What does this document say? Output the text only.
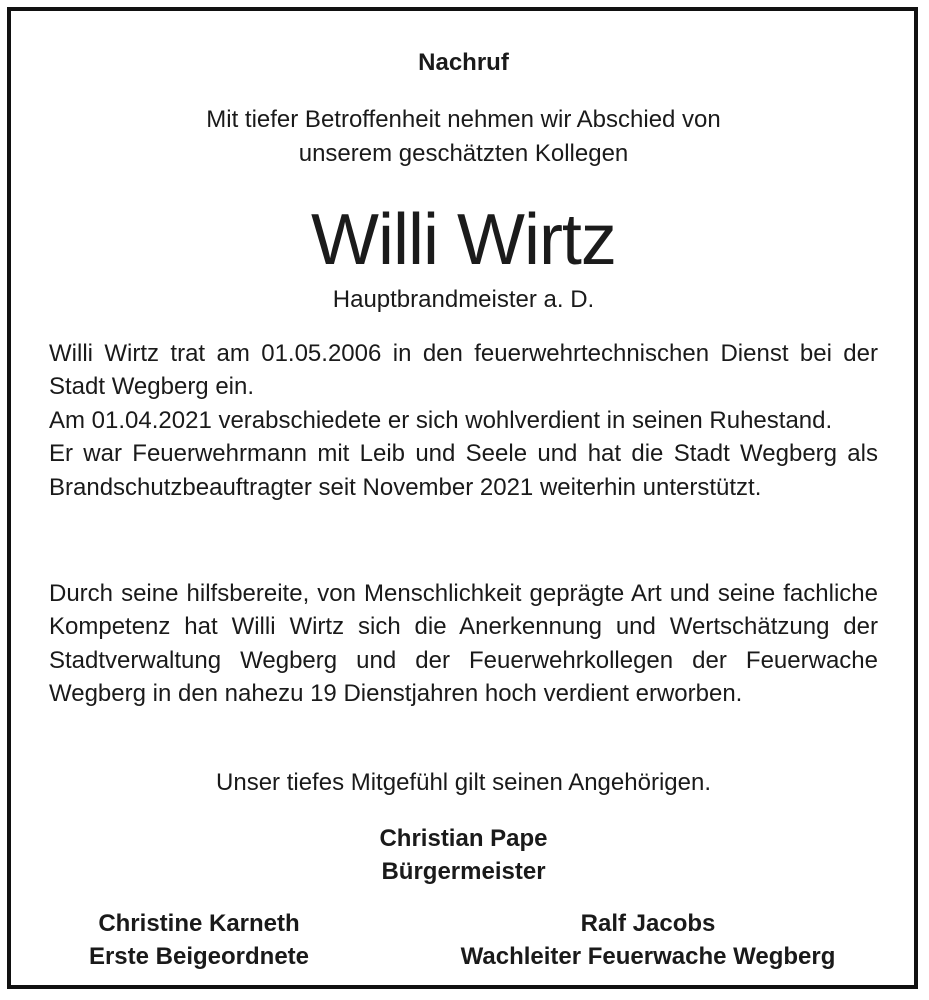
Nachruf
Mit tiefer Betroffenheit nehmen wir Abschied von
unserem geschätzten Kollegen
Willi Wirtz
Hauptbrandmeister a. D.

Willi Wirtz trat am 01.05.2006 in den feuerwehrtechnischen Dienst bei der Stadt Wegberg ein.

Am 01.04.2021 verabschiedete er sich wohlverdient in seinen Ruhestand.

Er war Feuerwehrmann mit Leib und Seele und hat die Stadt Wegberg als Brandschutzbeauftragter seit November 2021 weiterhin unterstützt.

Durch seine hilfsbereite, von Menschlichkeit geprägte Art und seine fachliche Kompetenz hat Willi Wirtz sich die Anerkennung und Wertschätzung der Stadtverwaltung Wegberg und der Feuerwehrkollegen der Feuerwache Wegberg in den nahezu 19 Dienstjahren hoch verdient erworben.

Unser tiefes Mitgefühl gilt seinen Angehörigen.
Christian Pape
Bürgermeister
Christine Karneth
Erste Beigeordnete
Ralf Jacobs
Wachleiter Feuerwache Wegberg
